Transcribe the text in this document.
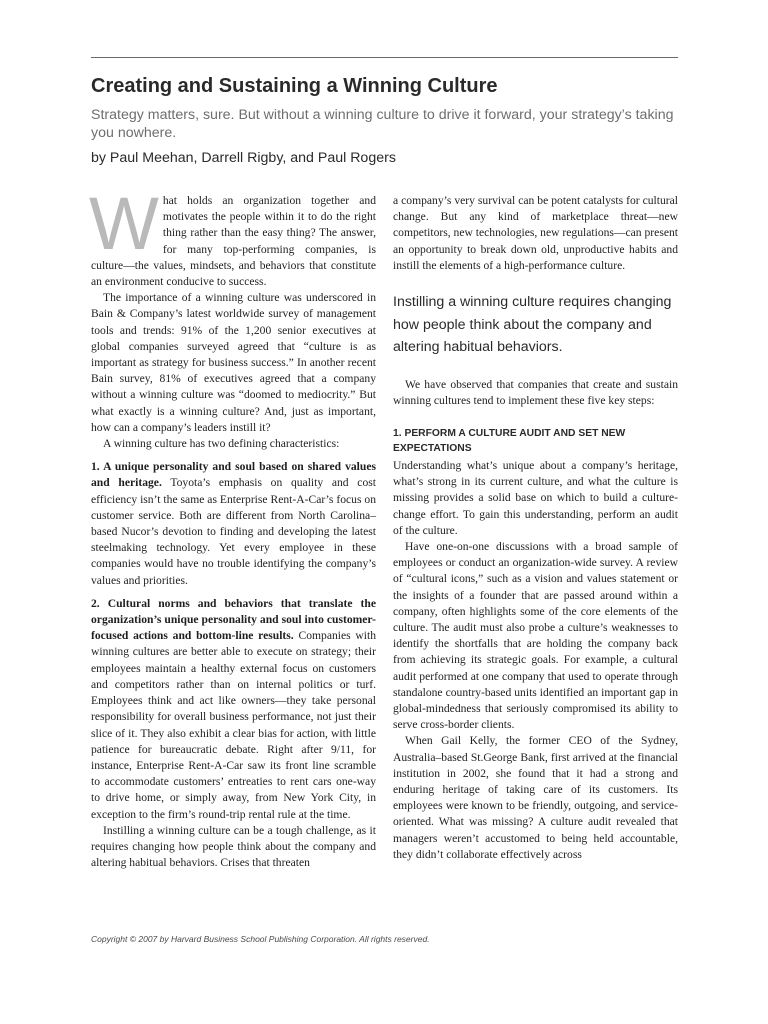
Creating and Sustaining a Winning Culture

Strategy matters, sure. But without a winning culture to drive it forward, your strategy’s taking you nowhere.

by Paul Meehan, Darrell Rigby, and Paul Rogers

What holds an organization together and motivates the people within it to do the right thing rather than the easy thing? The answer, for many top-performing companies, is culture—the values, mindsets, and behaviors that constitute an environment conducive to success.

The importance of a winning culture was underscored in Bain & Company’s latest worldwide survey of management tools and trends: 91% of the 1,200 senior executives at global companies surveyed agreed that “culture is as important as strategy for business success.” In another recent Bain survey, 81% of executives agreed that a company without a winning culture was “doomed to mediocrity.” But what exactly is a winning culture? And, just as important, how can a company’s leaders instill it?

A winning culture has two defining characteristics:

1. A unique personality and soul based on shared values and heritage. Toyota’s emphasis on quality and cost efficiency isn’t the same as Enterprise Rent-A-Car’s focus on customer service. Both are different from North Carolina–based Nucor’s devotion to finding and developing the latest steelmaking technology. Yet every employee in these companies would have no trouble identifying the company’s values and priorities.

2. Cultural norms and behaviors that translate the organization’s unique personality and soul into customer-focused actions and bottom-line results. Companies with winning cultures are better able to execute on strategy; their employees maintain a healthy external focus on customers and competitors rather than on internal politics or turf. Employees think and act like owners—they take personal responsibility for overall business performance, not just their slice of it. They also exhibit a clear bias for action, with little patience for bureaucratic debate. Right after 9/11, for instance, Enterprise Rent-A-Car saw its front line scramble to accommodate customers’ entreaties to rent cars one-way to drive home, or simply away, from New York City, in exception to the firm’s round-trip rental rule at the time.

Instilling a winning culture can be a tough challenge, as it requires changing how people think about the company and altering habitual behaviors. Crises that threaten

a company’s very survival can be potent catalysts for cultural change. But any kind of marketplace threat—new competitors, new technologies, new regulations—can present an opportunity to break down old, unproductive habits and instill the elements of a high-performance culture.

Instilling a winning culture requires changing how people think about the company and altering habitual behaviors.

We have observed that companies that create and sustain winning cultures tend to implement these five key steps:

1. PERFORM A CULTURE AUDIT AND SET NEW EXPECTATIONS

Understanding what’s unique about a company’s heritage, what’s strong in its current culture, and what the culture is missing provides a solid base on which to build a culture-change effort. To gain this understanding, perform an audit of the culture.

Have one-on-one discussions with a broad sample of employees or conduct an organization-wide survey. A review of “cultural icons,” such as a vision and values statement or the insights of a founder that are passed around within a company, often highlights some of the core elements of the culture. The audit must also probe a culture’s weaknesses to identify the shortfalls that are holding the company back from achieving its strategic goals. For example, a cultural audit performed at one company that used to operate through standalone country-based units identified an important gap in global-mindedness that seriously compromised its ability to serve cross-border clients.

When Gail Kelly, the former CEO of the Sydney, Australia–based St.George Bank, first arrived at the financial institution in 2002, she found that it had a strong and enduring heritage of taking care of its customers. Its employees were known to be friendly, outgoing, and service-oriented. What was missing? A culture audit revealed that managers weren’t accustomed to being held accountable, they didn’t collaborate effectively across

Copyright © 2007 by Harvard Business School Publishing Corporation. All rights reserved.
